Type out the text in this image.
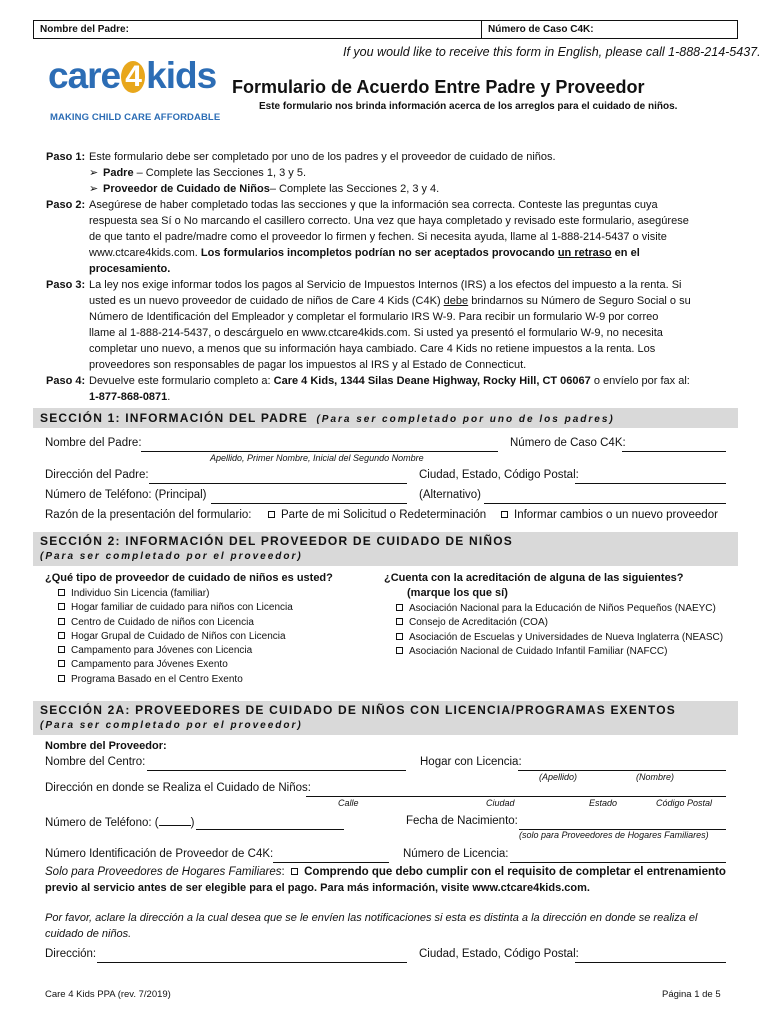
Nombre del Padre:	Número de Caso C4K:
If you would like to receive this form in English, please call 1-888-214-5437.
care 4 kids
MAKING CHILD CARE AFFORDABLE
Formulario de Acuerdo Entre Padre y Proveedor
Este formulario nos brinda información acerca de los arreglos para el cuidado de niños.
Paso 1: Este formulario debe ser completado por uno de los padres y el proveedor de cuidado de niños.
➢ Padre – Complete las Secciones 1, 3 y 5.
➢ Proveedor de Cuidado de Niños– Complete las Secciones 2, 3 y 4.
Paso 2: Asegúrese de haber completado todas las secciones y que la información sea correcta. Conteste las preguntas cuya
respuesta sea Sí o No marcando el casillero correcto. Una vez que haya completado y revisado este formulario, asegúrese
de que tanto el padre/madre como el proveedor lo firmen y fechen. Si necesita ayuda, llame al 1-888-214-5437 o visite
www.ctcare4kids.com. Los formularios incompletos podrían no ser aceptados provocando un retraso en el
procesamiento.
Paso 3: La ley nos exige informar todos los pagos al Servicio de Impuestos Internos (IRS) a los efectos del impuesto a la renta. Si
usted es un nuevo proveedor de cuidado de niños de Care 4 Kids (C4K) debe brindarnos su Número de Seguro Social o su
Número de Identificación del Empleador y completar el formulario IRS W-9. Para recibir un formulario W-9 por correo
llame al 1-888-214-5437, o descárguelo en www.ctcare4kids.com. Si usted ya presentó el formulario W-9, no necesita
completar uno nuevo, a menos que su información haya cambiado. Care 4 Kids no retiene impuestos a la renta. Los
proveedores son responsables de pagar los impuestos al IRS y al Estado de Connecticut.
Paso 4: Devuelve este formulario completo a: Care 4 Kids, 1344 Silas Deane Highway, Rocky Hill, CT 06067 o envíelo por fax al:
1-877-868-0871.
SECCIÓN 1: INFORMACIÓN DEL PADRE (Para ser completado por uno de los padres)
Nombre del Padre:	Número de Caso C4K:
Apellido, Primer Nombre, Inicial del Segundo Nombre
Dirección del Padre:	Ciudad, Estado, Código Postal:
Número de Teléfono: (Principal)	(Alternativo)
Razón de la presentación del formulario:	Parte de mi Solicitud o Redeterminación	Informar cambios o un nuevo proveedor
SECCIÓN 2: INFORMACIÓN DEL PROVEEDOR DE CUIDADO DE NIÑOS
(Para ser completado por el proveedor)
¿Qué tipo de proveedor de cuidado de niños es usted?
Individuo Sin Licencia (familiar)
Hogar familiar de cuidado para niños con Licencia
Centro de Cuidado de niños con Licencia
Hogar Grupal de Cuidado de Niños con Licencia
Campamento para Jóvenes con Licencia
Campamento para Jóvenes Exento
Programa Basado en el Centro Exento
¿Cuenta con la acreditación de alguna de las siguientes?
(marque los que sí)
Asociación Nacional para la Educación de Niños Pequeños (NAEYC)
Consejo de Acreditación (COA)
Asociación de Escuelas y Universidades de Nueva Inglaterra (NEASC)
Asociación Nacional de Cuidado Infantil Familiar (NAFCC)
SECCIÓN 2A: PROVEEDORES DE CUIDADO DE NIÑOS CON LICENCIA/PROGRAMAS EXENTOS
(Para ser completado por el proveedor)
Nombre del Proveedor:
Nombre del Centro:	Hogar con Licencia:
(Apellido)	(Nombre)
Dirección en donde se Realiza el Cuidado de Niños:
Calle	Ciudad	Estado	Código Postal
Número de Teléfono: (	)	Fecha de Nacimiento:
(solo para Proveedores de Hogares Familiares)
Número Identificación de Proveedor de C4K:	Número de Licencia:
Solo para Proveedores de Hogares Familiares: Comprendo que debo cumplir con el requisito de completar el entrenamiento
previo al servicio antes de ser elegible para el pago. Para más información, visite www.ctcare4kids.com.
Por favor, aclare la dirección a la cual desea que se le envíen las notificaciones si esta es distinta a la dirección en donde se realiza el
cuidado de niños.
Dirección:	Ciudad, Estado, Código Postal:
Care 4 Kids PPA (rev. 7/2019)	Página 1 de 5
